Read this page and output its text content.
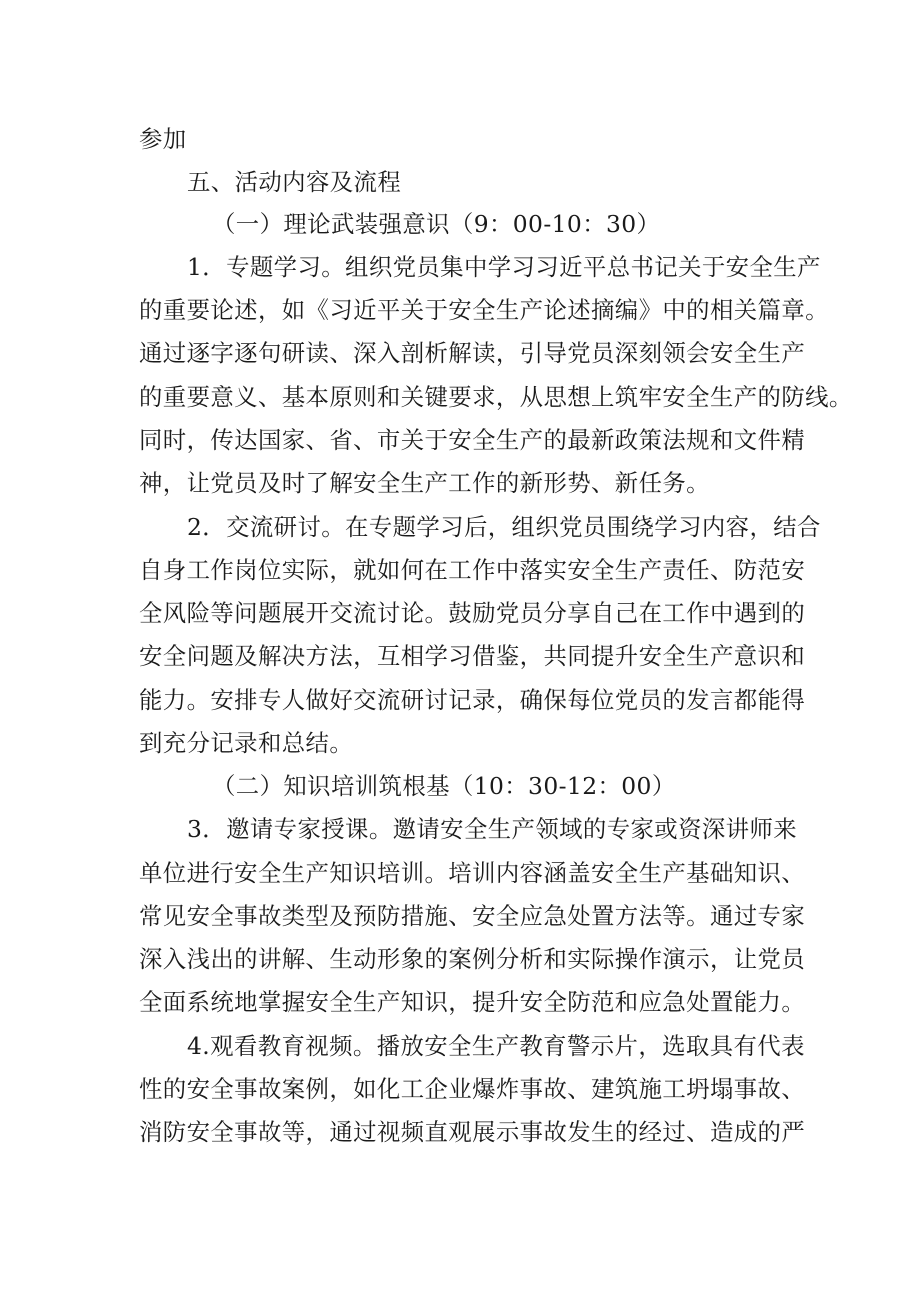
参加
五、活动内容及流程
（一）理论武装强意识（9：00-10：30）
1．专题学习。组织党员集中学习习近平总书记关于安全生产
的重要论述，如《习近平关于安全生产论述摘编》中的相关篇章。
通过逐字逐句研读、深入剖析解读，引导党员深刻领会安全生产
的重要意义、基本原则和关键要求，从思想上筑牢安全生产的防线。
同时，传达国家、省、市关于安全生产的最新政策法规和文件精
神，让党员及时了解安全生产工作的新形势、新任务。
2．交流研讨。在专题学习后，组织党员围绕学习内容，结合
自身工作岗位实际，就如何在工作中落实安全生产责任、防范安
全风险等问题展开交流讨论。鼓励党员分享自己在工作中遇到的
安全问题及解决方法，互相学习借鉴，共同提升安全生产意识和
能力。安排专人做好交流研讨记录，确保每位党员的发言都能得
到充分记录和总结。
（二）知识培训筑根基（10：30-12：00）
3．邀请专家授课。邀请安全生产领域的专家或资深讲师来
单位进行安全生产知识培训。培训内容涵盖安全生产基础知识、
常见安全事故类型及预防措施、安全应急处置方法等。通过专家
深入浅出的讲解、生动形象的案例分析和实际操作演示，让党员
全面系统地掌握安全生产知识，提升安全防范和应急处置能力。
4.观看教育视频。播放安全生产教育警示片，选取具有代表
性的安全事故案例，如化工企业爆炸事故、建筑施工坍塌事故、
消防安全事故等，通过视频直观展示事故发生的经过、造成的严
